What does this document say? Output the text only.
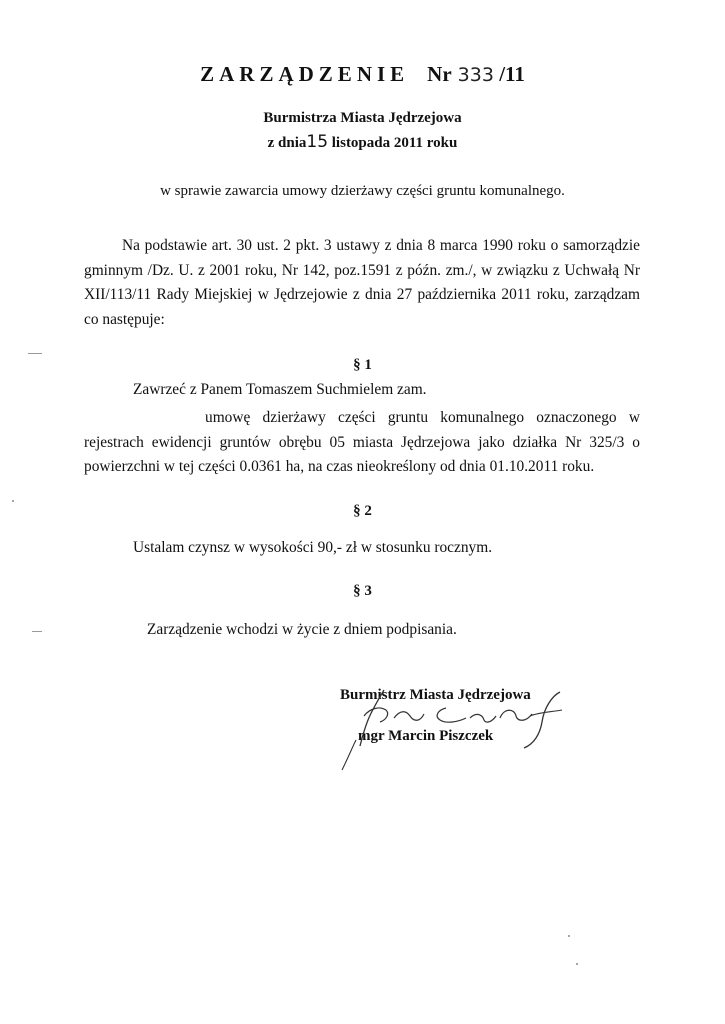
ZARZĄDZENIE Nr 333 /11
Burmistrza Miasta Jędrzejowa
z dnia15 listopada 2011 roku
w sprawie zawarcia umowy dzierżawy części gruntu komunalnego.
Na podstawie art. 30 ust. 2 pkt. 3 ustawy z dnia 8 marca 1990 roku o samorządzie gminnym /Dz. U. z 2001 roku, Nr 142, poz.1591 z późn. zm./, w związku z Uchwałą Nr XII/113/11 Rady Miejskiej w Jędrzejowie z dnia 27 października 2011 roku, zarządzam co następuje:
§ 1
Zawrzeć z Panem Tomaszem Suchmielem zam.
umowę dzierżawy części gruntu komunalnego oznaczonego w rejestrach ewidencji gruntów obrębu 05 miasta Jędrzejowa jako działka Nr 325/3 o powierzchni w tej części 0.0361 ha, na czas nieokreślony od dnia 01.10.2011 roku.
§ 2
Ustalam czynsz w wysokości 90,- zł w stosunku rocznym.
§ 3
Zarządzenie wchodzi w życie z dniem podpisania.
Burmistrz Miasta Jędrzejowa
mgr Marcin Piszczek
